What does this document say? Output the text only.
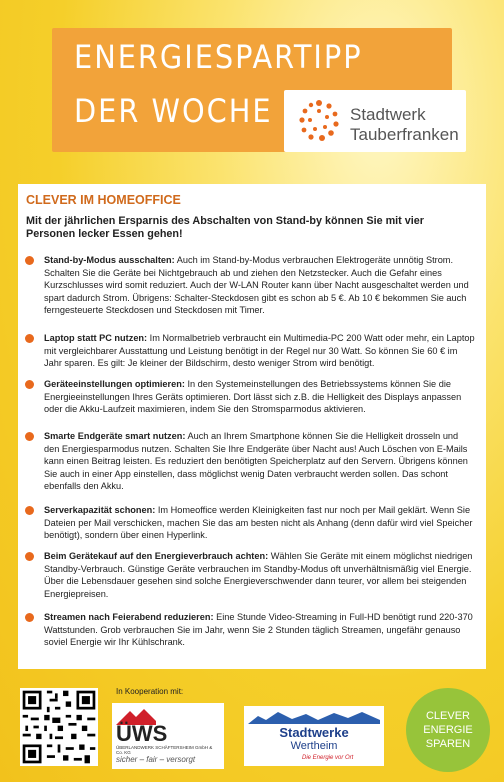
ENERGIESPARTIPP
DER WOCHE	Stadtwerk
Tauberfranken
CLEVER IM HOMEOFFICE
Mit der jährlichen Ersparnis des Abschalten von Stand-by können Sie mit vier Personen lecker Essen gehen!
Stand-by-Modus ausschalten: Auch im Stand-by-Modus verbrauchen Elektrogeräte unnötig Strom. Schalten Sie die Geräte bei Nichtgebrauch ab und ziehen den Netzstecker. Auch die Gefahr eines Kurzschlusses wird somit reduziert. Auch der W-LAN Router kann über Nacht ausgeschaltet werden und spart dadurch Strom. Übrigens: Schalter-Steckdosen gibt es schon ab 5 €. Ab 10 € bekommen Sie auch ferngesteuerte Steckdosen und Steckdosen mit Timer.
Laptop statt PC nutzen: Im Normalbetrieb verbraucht ein Multimedia-PC 200 Watt oder mehr, ein Laptop mit vergleichbarer Ausstattung und Leistung benötigt in der Regel nur 30 Watt. So können Sie 60 € im Jahr sparen. Es gilt: Je kleiner der Bildschirm, desto weniger Strom wird benötigt.
Geräteeinstellungen optimieren: In den Systemeinstellungen des Betriebssystems können Sie die Energieeinstellungen Ihres Geräts optimieren. Dort lässt sich z.B. die Helligkeit des Displays anpassen oder die Akku-Laufzeit maximieren, indem Sie den Stromsparmodus aktivieren.
Smarte Endgeräte smart nutzen: Auch an Ihrem Smartphone können Sie die Helligkeit drosseln und den Energiesparmodus nutzen. Schalten Sie Ihre Endgeräte über Nacht aus! Auch Löschen von E-Mails kann einen Beitrag leisten. Es reduziert den benötigten Speicherplatz auf den Servern. Übrigens können Sie auch in einer App einstellen, dass möglichst wenig Daten verbraucht werden sollen. Das schont ebenfalls den Akku.
Serverkapazität schonen: Im Homeoffice werden Kleinigkeiten fast nur noch per Mail geklärt. Wenn Sie Dateien per Mail verschicken, machen Sie das am besten nicht als Anhang (denn dafür wird viel Speicher benötigt), sondern über einen Hyperlink.
Beim Gerätekauf auf den Energieverbrauch achten: Wählen Sie Geräte mit einem möglichst niedrigen Standby-Verbrauch. Günstige Geräte verbrauchen im Standby-Modus oft unverhältnismäßig viel Energie. Über die Lebensdauer gesehen sind solche Energieverschwender dann teurer, vor allem bei steigenden Energiepreisen.
Streamen nach Feierabend reduzieren: Eine Stunde Video-Streaming in Full-HD benötigt rund 220-370 Wattstunden. Grob verbrauchen Sie im Jahr, wenn Sie 2 Stunden täglich Streamen, ungefähr genauso soviel Energie wir Ihr Kühlschrank.
In Kooperation mit:
ÜWS
ÜBERLANDWERK SCHÄFTERSHEIM GmbH & Co. KG
sicher – fair – versorgt
Stadtwerke
Wertheim
Die Energie vor Ort
CLEVER
ENERGIE
SPAREN
